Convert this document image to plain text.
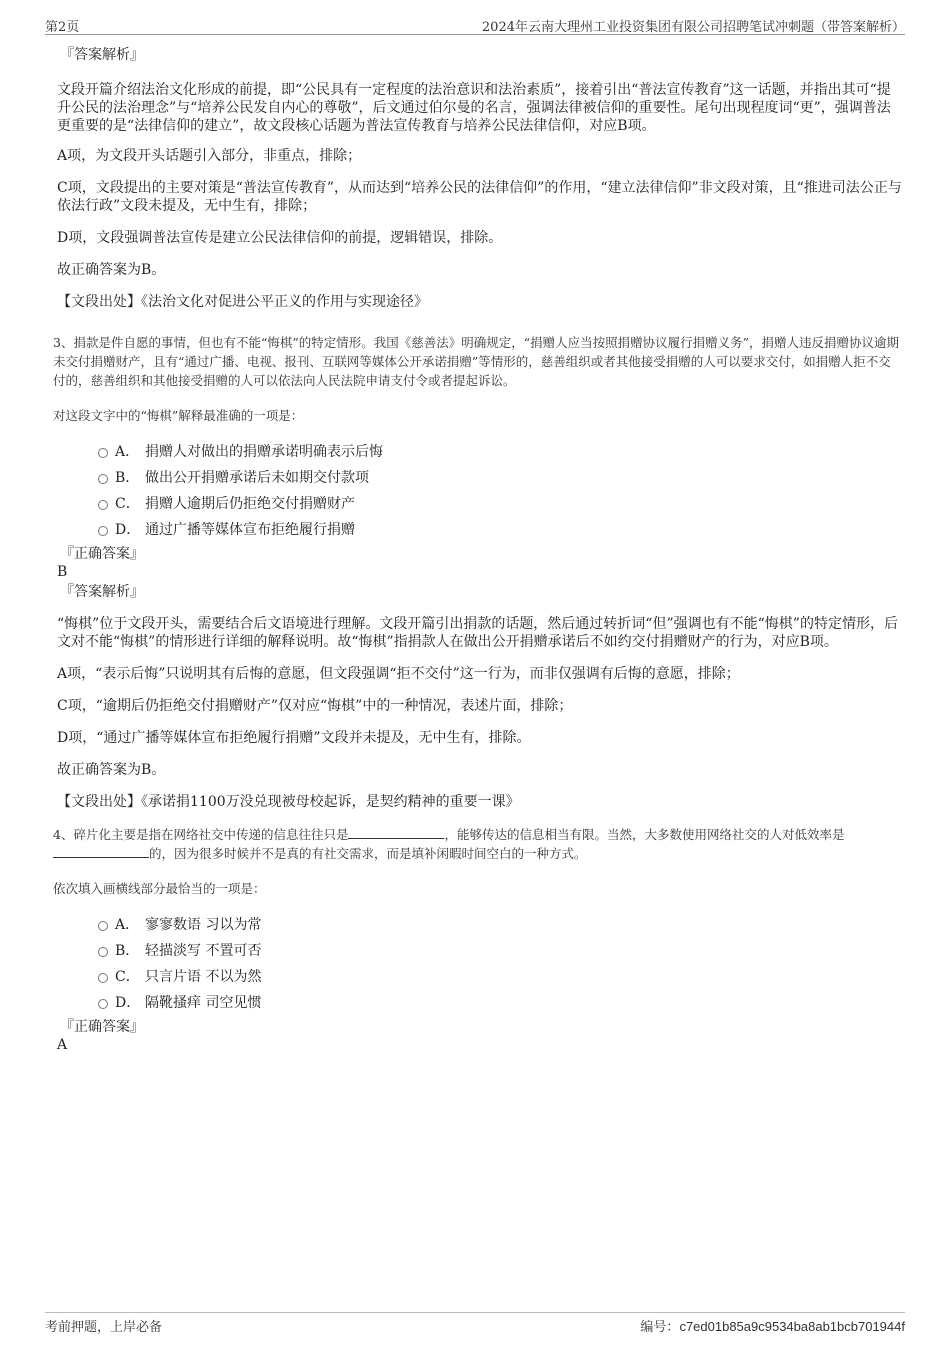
第2页	2024年云南大理州工业投资集团有限公司招聘笔试冲刺题（带答案解析）

『答案解析』

文段开篇介绍法治文化形成的前提，即“公民具有一定程度的法治意识和法治素质”，接着引出“普法宣传教育”这一话题，并指出其可“提升公民的法治理念”与“培养公民发自内心的尊敬”，后文通过伯尔曼的名言，强调法律被信仰的重要性。尾句出现程度词“更”，强调普法更重要的是“法律信仰的建立”，故文段核心话题为普法宣传教育与培养公民法律信仰，对应B项。

A项，为文段开头话题引入部分，非重点，排除；

C项，文段提出的主要对策是“普法宣传教育”，从而达到“培养公民的法律信仰”的作用，“建立法律信仰”非文段对策，且“推进司法公正与依法行政”文段未提及，无中生有，排除；

D项，文段强调普法宣传是建立公民法律信仰的前提，逻辑错误，排除。

故正确答案为B。

【文段出处】《法治文化对促进公平正义的作用与实现途径》

3、捐款是件自愿的事情，但也有不能“悔棋”的特定情形。我国《慈善法》明确规定，“捐赠人应当按照捐赠协议履行捐赠义务”，捐赠人违反捐赠协议逾期未交付捐赠财产，且有“通过广播、电视、报刊、互联网等媒体公开承诺捐赠”等情形的，慈善组织或者其他接受捐赠的人可以要求交付，如捐赠人拒不交付的，慈善组织和其他接受捐赠的人可以依法向人民法院申请支付令或者提起诉讼。

对这段文字中的“悔棋”解释最准确的一项是：

A． 捐赠人对做出的捐赠承诺明确表示后悔
B． 做出公开捐赠承诺后未如期交付款项
C． 捐赠人逾期后仍拒绝交付捐赠财产
D． 通过广播等媒体宣布拒绝履行捐赠

『正确答案』

B

『答案解析』

“悔棋”位于文段开头，需要结合后文语境进行理解。文段开篇引出捐款的话题，然后通过转折词“但”强调也有不能“悔棋”的特定情形，后文对不能“悔棋”的情形进行详细的解释说明。故“悔棋”指捐款人在做出公开捐赠承诺后不如约交付捐赠财产的行为，对应B项。

A项，“表示后悔”只说明其有后悔的意愿，但文段强调“拒不交付”这一行为，而非仅强调有后悔的意愿，排除；

C项，“逾期后仍拒绝交付捐赠财产”仅对应“悔棋”中的一种情况，表述片面，排除；

D项，“通过广播等媒体宣布拒绝履行捐赠”文段并未提及，无中生有，排除。

故正确答案为B。

【文段出处】《承诺捐1100万没兑现被母校起诉，是契约精神的重要一课》

4、碎片化主要是指在网络社交中传递的信息往往只是	，能够传达的信息相当有限。当然，大多数使用网络社交的人对低效率是的，因为很多时候并不是真的有社交需求，而是填补闲暇时间空白的一种方式。

依次填入画横线部分最恰当的一项是：

A． 寥寥数语 习以为常
B． 轻描淡写 不置可否
C． 只言片语 不以为然
D． 隔靴搔痒 司空见惯

『正确答案』

A

考前押题，上岸必备	编号：c7ed01b85a9c9534ba8ab1bcb701944f
